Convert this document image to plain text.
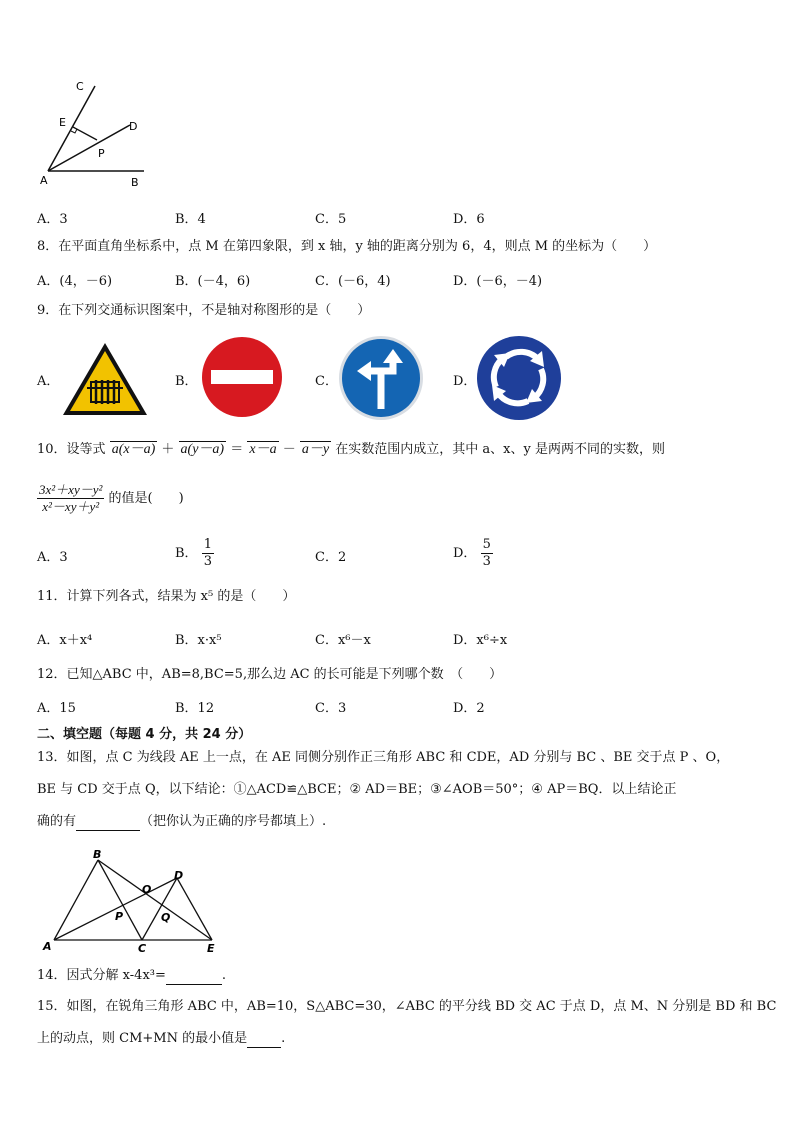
C
E	D
P
A	B
A．3	B．4	C．5	D．6
8．在平面直角坐标系中，点 M 在第四象限，到 x 轴，y 轴的距离分别为 6，4，则点 M 的坐标为（　　）
A．(4，－6)	B．(－4，6)	C．(－6，4)	D．(－6，－4)
9．在下列交通标识图案中，不是轴对称图形的是（　　）
A．	B．	C．	D．
10．设等式 a(x－a) ＋ a(y－a) ＝ x－a － a－y 在实数范围内成立，其中 a、x、y 是两两不同的实数，则
$\frac{\text{3x²＋xy－y²}}{\text{x²－xy＋y²}}$ 的值是(　　)
A．3	B． $\frac{1}{3}$	C．2	D． $\frac{5}{3}$
11．计算下列各式，结果为 x⁵ 的是（　　）
A．x＋x⁴	B．x·x⁵	C．x⁶－x	D．x⁶÷x
12．已知△ABC 中，AB=8,BC=5,那么边 AC 的长可能是下列哪个数　（　　）
A．15	B．12	C．3	D．2
二、填空题（每题 4 分，共 24 分）
13．如图，点 C 为线段 AE 上一点，在 AE 同侧分别作正三角形 ABC 和 CDE，AD 分别与 BC 、BE 交于点 P 、O，
BE 与 CD 交于点 Q，以下结论：①△ACD≌△BCE；② AD＝BE；③∠AOB＝50°；④ AP＝BQ．以上结论正
确的有	（把你认为正确的序号都填上）.
B
O
D
P	Q
A	C	E
14．因式分解 x-4x³=	.
15．如图，在锐角三角形 ABC 中，AB=10，S△ABC=30，∠ABC 的平分线 BD 交 AC 于点 D，点 M、N 分别是 BD 和 BC
上的动点，则 CM+MN 的最小值是	.
